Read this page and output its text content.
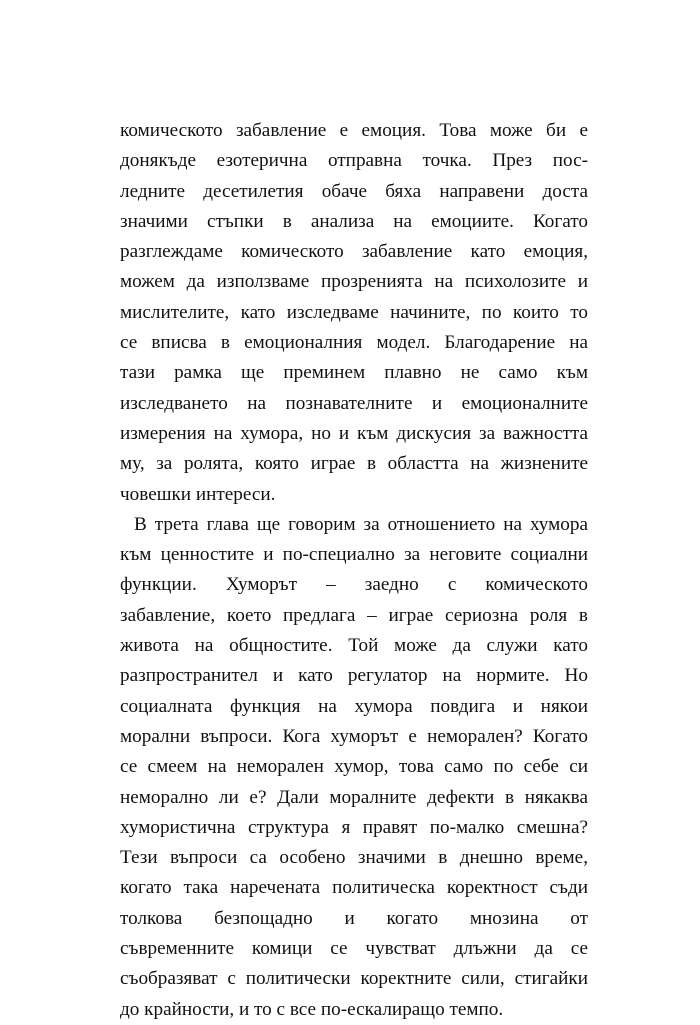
комическото забавление е емоция. Това може би е
донякъде езотерична отправна точка. През пос-
ледните десетилетия обаче бяха направени доста
значими стъпки в анализа на емоциите. Когато
разглеждаме комическото забавление като емоция,
можем да използваме прозренията на психолозите и
мислителите, като изследваме начините, по които то
се вписва в емоционалния модел. Благодарение на
тази рамка ще преминем плавно не само към
изследването на познавателните и емоционалните
измерения на хумора, но и към дискусия за важността
му, за ролята, която играе в областта на жизнените
човешки интереси.
В трета глава ще говорим за отношението на хумора
към ценностите и по-специално за неговите социални
функции. Хуморът – заедно с комическото
забавление, което предлага – играе сериозна роля в
живота на общностите. Той може да служи като
разпространител и като регулатор на нормите. Но
социалната функция на хумора повдига и някои
морални въпроси. Кога хуморът е неморален? Когато
се смеем на неморален хумор, това само по себе си
неморално ли е? Дали моралните дефекти в някаква
хумористична структура я правят по-малко смешна?
Тези въпроси са особено значими в днешно време,
когато така наречената политическа коректност съди
толкова безпощадно и когато мнозина от
съвременните комици се чувстват длъжни да се
съобразяват с политически коректните сили, стигайки
до крайности, и то с все по-ескалиращо темпо.
